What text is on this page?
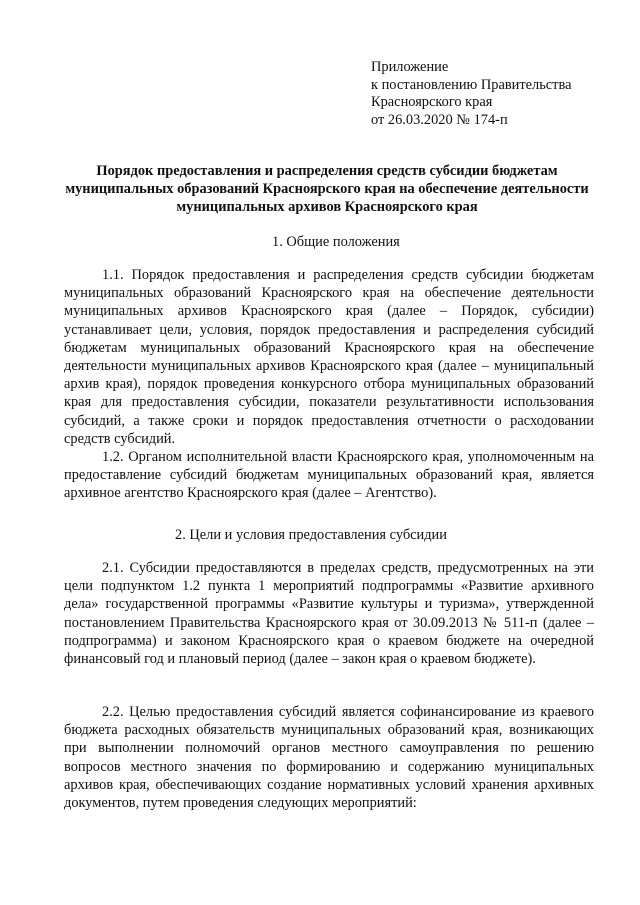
Приложение
к постановлению Правительства
Красноярского края
от 26.03.2020 № 174-п
Порядок предоставления и распределения средств субсидии бюджетам муниципальных образований Красноярского края на обеспечение деятельности муниципальных архивов Красноярского края
1. Общие положения
1.1. Порядок предоставления и распределения средств субсидии бюджетам муниципальных образований Красноярского края на обеспечение деятельности муниципальных архивов Красноярского края (далее – Порядок, субсидии) устанавливает цели, условия, порядок предоставления и распределения субсидий бюджетам муниципальных образований Красноярского края на обеспечение деятельности муниципальных архивов Красноярского края (далее – муниципальный архив края), порядок проведения конкурсного отбора муниципальных образований края для предоставления субсидии, показатели результативности использования субсидий, а также сроки и порядок предоставления отчетности о расходовании средств субсидий.
1.2. Органом исполнительной власти Красноярского края, уполномоченным на предоставление субсидий бюджетам муниципальных образований края, является архивное агентство Красноярского края (далее – Агентство).
2. Цели и условия предоставления субсидии
2.1. Субсидии предоставляются в пределах средств, предусмотренных на эти цели подпунктом 1.2 пункта 1 мероприятий подпрограммы «Развитие архивного дела» государственной программы «Развитие культуры и туризма», утвержденной постановлением Правительства Красноярского края от 30.09.2013 № 511-п (далее – подпрограмма) и законом Красноярского края о краевом бюджете на очередной финансовый год и плановый период (далее – закон края о краевом бюджете).
2.2. Целью предоставления субсидий является софинансирование из краевого бюджета расходных обязательств муниципальных образований края, возникающих при выполнении полномочий органов местного самоуправления по решению вопросов местного значения по формированию и содержанию муниципальных архивов края, обеспечивающих создание нормативных условий хранения архивных документов, путем проведения следующих мероприятий:
